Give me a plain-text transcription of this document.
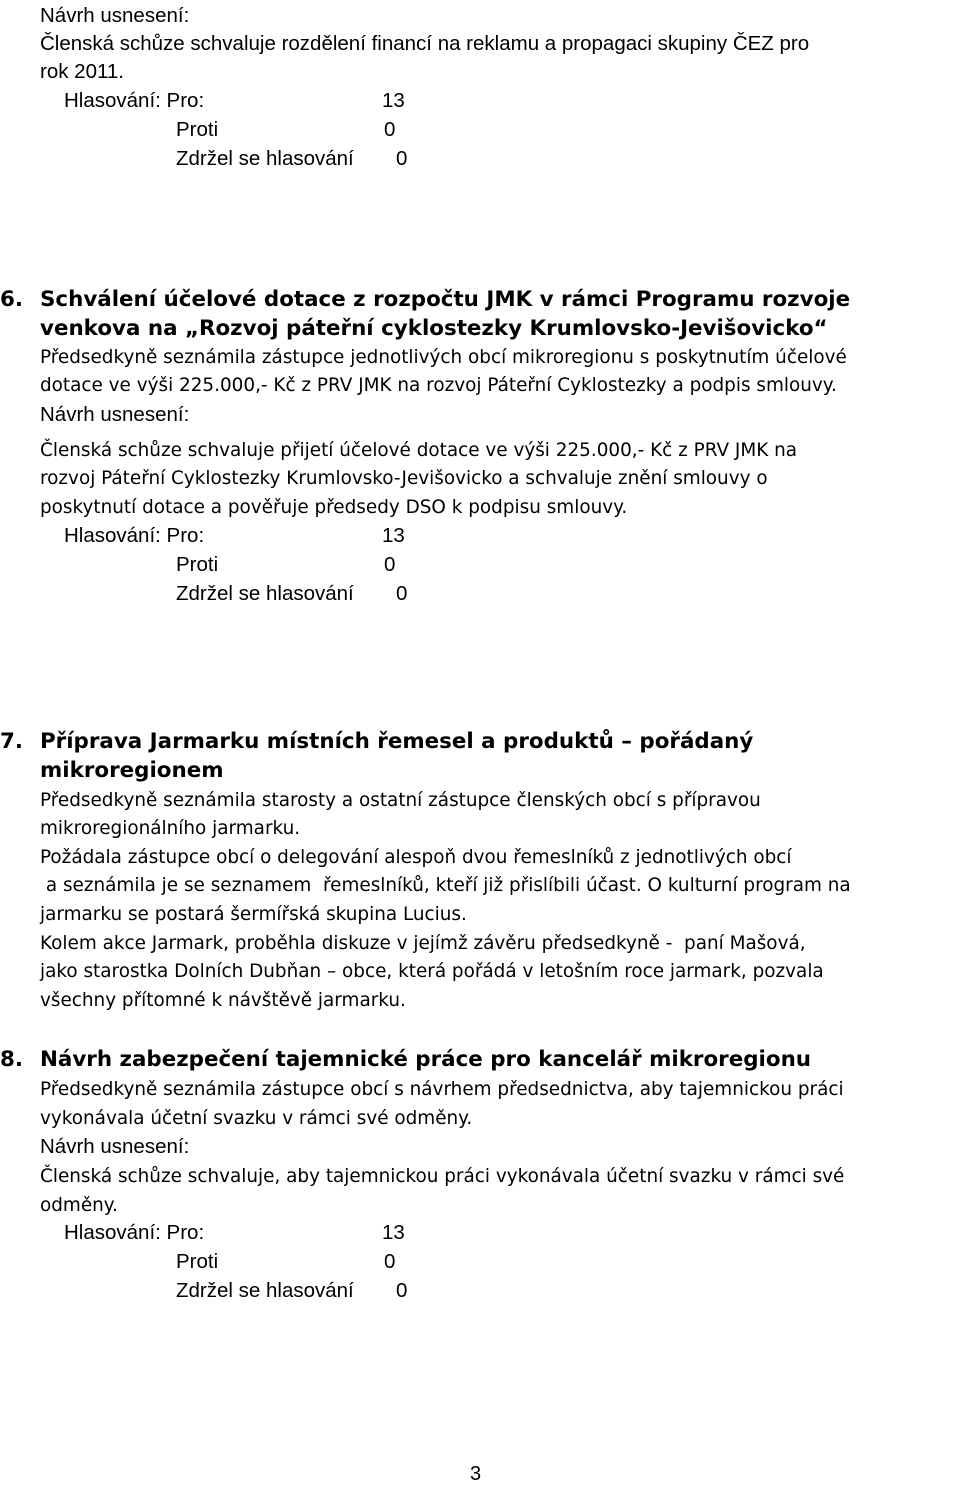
Návrh usnesení:
Členská schůze schvaluje rozdělení financí na reklamu a propagaci skupiny ČEZ pro
rok 2011.
Hlasování: Pro:	13
Proti	0
Zdržel se hlasování 0
6. Schválení účelové dotace z rozpočtu JMK v rámci Programu rozvoje
venkova na „Rozvoj páteřní cyklostezky Krumlovsko-Jevišovicko“
Předsedkyně seznámila zástupce jednotlivých obcí mikroregionu s poskytnutím účelové
dotace ve výši 225.000,- Kč z PRV JMK na rozvoj Páteřní Cyklostezky a podpis smlouvy.
Návrh usnesení:
Členská schůze schvaluje přijetí účelové dotace ve výši 225.000,- Kč z PRV JMK na
rozvoj Páteřní Cyklostezky Krumlovsko-Jevišovicko a schvaluje znění smlouvy o
poskytnutí dotace a pověřuje předsedy DSO k podpisu smlouvy.
Hlasování: Pro:	13
Proti	0
Zdržel se hlasování 0
7. Příprava Jarmarku místních řemesel a produktů – pořádaný
mikroregionem
Předsedkyně seznámila starosty a ostatní zástupce členských obcí s přípravou
mikroregionálního jarmarku.
Požádala zástupce obcí o delegování alespoň dvou řemeslníků z jednotlivých obcí
a seznámila je se seznamem  řemeslníků, kteří již přislíbili účast. O kulturní program na
jarmarku se postará šermířská skupina Lucius.
Kolem akce Jarmark, proběhla diskuze v jejímž závěru předsedkyně -  paní Mašová,
jako starostka Dolních Dubňan – obce, která pořádá v letošním roce jarmark, pozvala
všechny přítomné k návštěvě jarmarku.
8. Návrh zabezpečení tajemnické práce pro kancelář mikroregionu
Předsedkyně seznámila zástupce obcí s návrhem předsednictva, aby tajemnickou práci
vykonávala účetní svazku v rámci své odměny.
Návrh usnesení:
Členská schůze schvaluje, aby tajemnickou práci vykonávala účetní svazku v rámci své
odměny.
Hlasování: Pro:	13
Proti	0
Zdržel se hlasování 0
3
